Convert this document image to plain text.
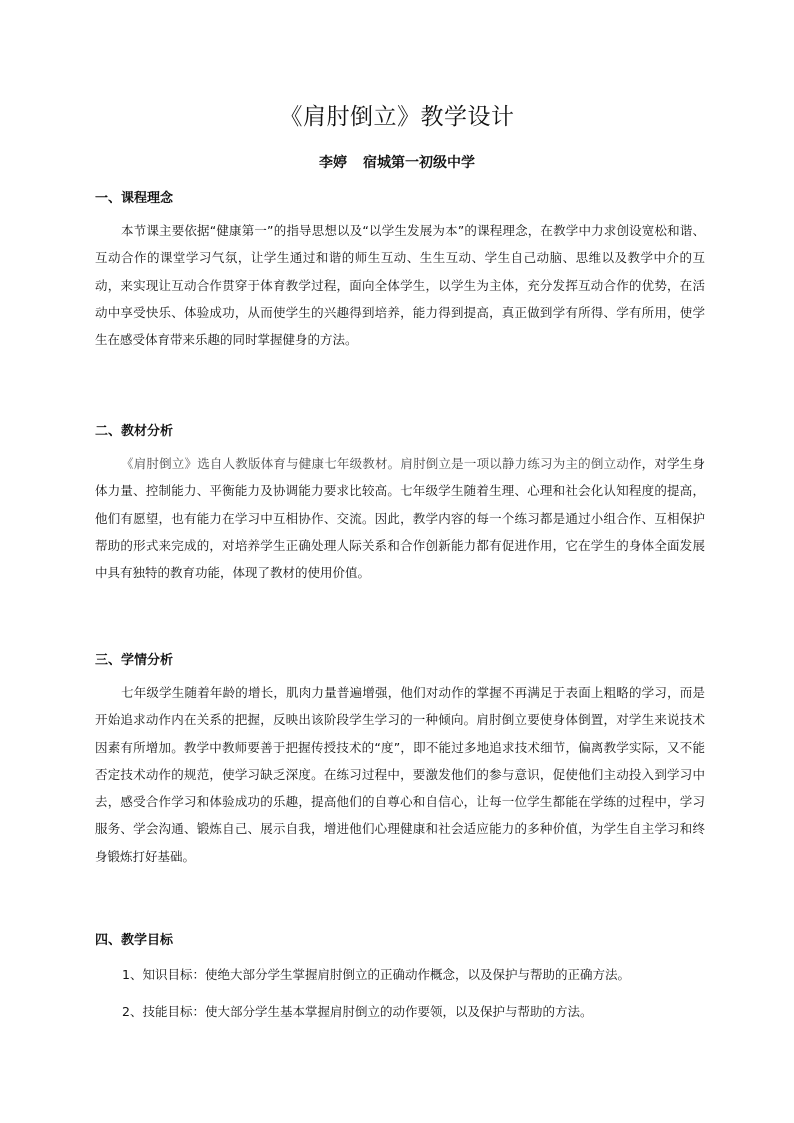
《肩肘倒立》教学设计
李婷 宿城第一初级中学
一、课程理念
本节课主要依据“健康第一”的指导思想以及“以学生发展为本”的课程理念，在教学中力求创设宽松和谐、互动合作的课堂学习气氛，让学生通过和谐的师生互动、生生互动、学生自己动脑、思维以及教学中介的互动，来实现让互动合作贯穿于体育教学过程，面向全体学生，以学生为主体，充分发挥互动合作的优势，在活动中享受快乐、体验成功，从而使学生的兴趣得到培养，能力得到提高，真正做到学有所得、学有所用，使学生在感受体育带来乐趣的同时掌握健身的方法。
二、教材分析
《肩肘倒立》选自人教版体育与健康七年级教材。肩肘倒立是一项以静力练习为主的倒立动作，对学生身体力量、控制能力、平衡能力及协调能力要求比较高。七年级学生随着生理、心理和社会化认知程度的提高，他们有愿望，也有能力在学习中互相协作、交流。因此，教学内容的每一个练习都是通过小组合作、互相保护帮助的形式来完成的，对培养学生正确处理人际关系和合作创新能力都有促进作用，它在学生的身体全面发展中具有独特的教育功能，体现了教材的使用价值。
三、学情分析
七年级学生随着年龄的增长，肌肉力量普遍增强，他们对动作的掌握不再满足于表面上粗略的学习，而是开始追求动作内在关系的把握，反映出该阶段学生学习的一种倾向。肩肘倒立要使身体倒置，对学生来说技术因素有所增加。教学中教师要善于把握传授技术的“度”，即不能过多地追求技术细节，偏离教学实际，又不能否定技术动作的规范，使学习缺乏深度。在练习过程中，要激发他们的参与意识，促使他们主动投入到学习中去，感受合作学习和体验成功的乐趣，提高他们的自尊心和自信心，让每一位学生都能在学练的过程中，学习服务、学会沟通、锻炼自己、展示自我，增进他们心理健康和社会适应能力的多种价值，为学生自主学习和终身锻炼打好基础。
四、教学目标
1、知识目标：使绝大部分学生掌握肩肘倒立的正确动作概念，以及保护与帮助的正确方法。
2、技能目标：使大部分学生基本掌握肩肘倒立的动作要领，以及保护与帮助的方法。
